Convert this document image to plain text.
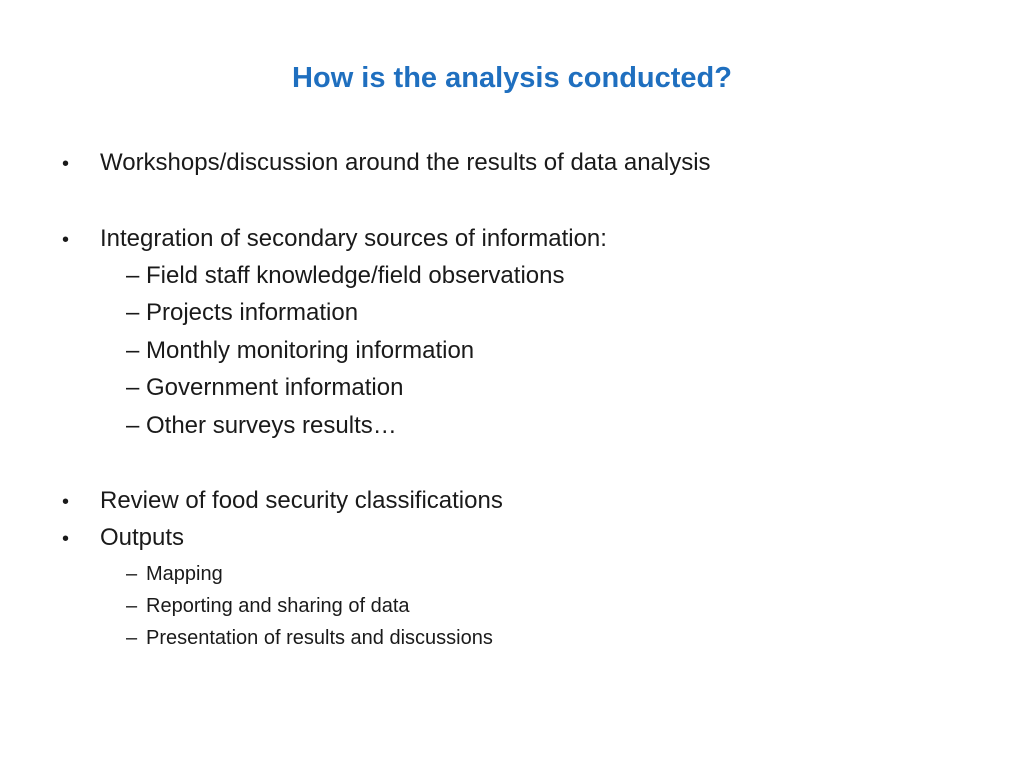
How is the analysis conducted?
• Workshops/discussion around the results of data analysis
• Integration of secondary sources of information:
– Field staff knowledge/field observations
– Projects information
– Monthly monitoring information
– Government information
– Other surveys results…
• Review of food security classifications
• Outputs
– Mapping
– Reporting and sharing of data
– Presentation of results and discussions
